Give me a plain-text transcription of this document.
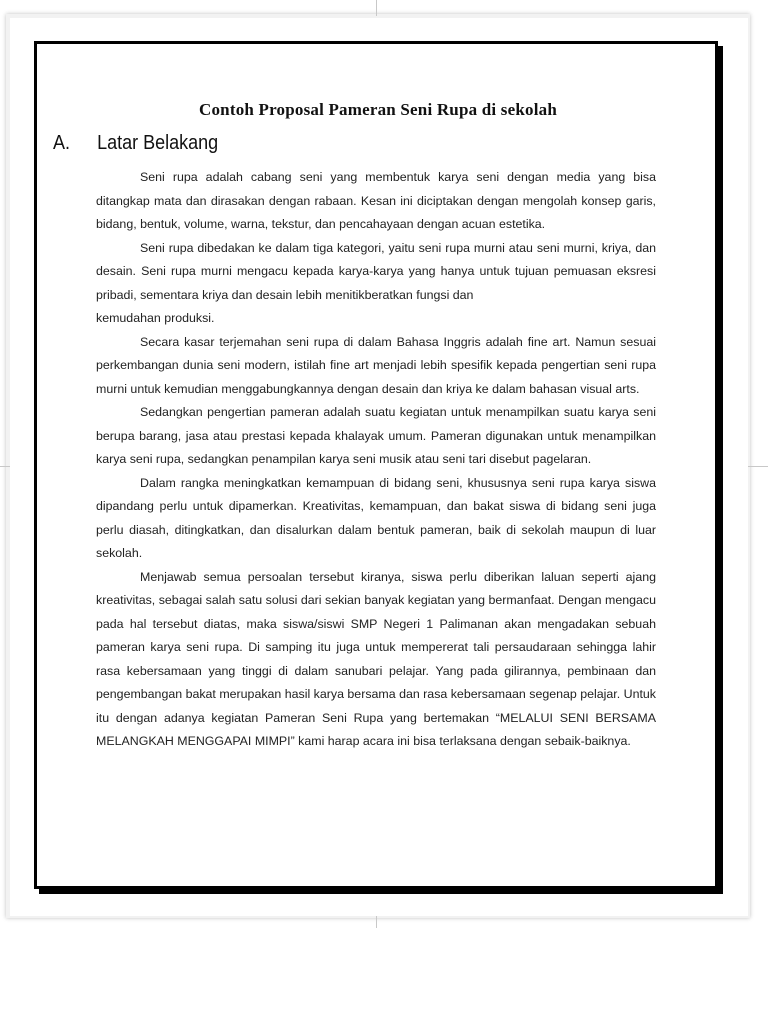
Contoh Proposal Pameran Seni Rupa di sekolah
A. Latar Belakang

Seni rupa adalah cabang seni yang membentuk karya seni dengan media yang bisa ditangkap mata dan dirasakan dengan rabaan. Kesan ini diciptakan dengan mengolah konsep garis, bidang, bentuk, volume, warna, tekstur, dan pencahayaan dengan acuan estetika.

Seni rupa dibedakan ke dalam tiga kategori, yaitu seni rupa murni atau seni murni, kriya, dan desain. Seni rupa murni mengacu kepada karya-karya yang hanya untuk tujuan pemuasan eksresi pribadi, sementara kriya dan desain lebih menitikberatkan fungsi dan

kemudahan produksi.

Secara kasar terjemahan seni rupa di dalam Bahasa Inggris adalah fine art. Namun sesuai perkembangan dunia seni modern, istilah fine art menjadi lebih spesifik kepada pengertian seni rupa murni untuk kemudian menggabungkannya dengan desain dan kriya ke dalam bahasan visual arts.

Sedangkan pengertian pameran adalah suatu kegiatan untuk menampilkan suatu karya seni berupa barang, jasa atau prestasi kepada khalayak umum. Pameran digunakan untuk menampilkan karya seni rupa, sedangkan penampilan karya seni musik atau seni tari disebut pagelaran.

Dalam rangka meningkatkan kemampuan di bidang seni, khususnya seni rupa karya siswa dipandang perlu untuk dipamerkan. Kreativitas, kemampuan, dan bakat siswa di bidang seni juga perlu diasah, ditingkatkan, dan disalurkan dalam bentuk pameran, baik di sekolah maupun di luar sekolah.

Menjawab semua persoalan tersebut kiranya, siswa perlu diberikan laluan seperti ajang kreativitas, sebagai salah satu solusi dari sekian banyak kegiatan yang bermanfaat. Dengan mengacu pada hal tersebut diatas, maka siswa/siswi SMP Negeri 1 Palimanan akan mengadakan sebuah pameran karya seni rupa. Di samping itu juga untuk mempererat tali persaudaraan sehingga lahir rasa kebersamaan yang tinggi di dalam sanubari pelajar. Yang pada gilirannya, pembinaan dan pengembangan bakat merupakan hasil karya bersama dan rasa kebersamaan segenap pelajar. Untuk itu dengan adanya kegiatan Pameran Seni Rupa yang bertemakan “MELALUI SENI BERSAMA MELANGKAH MENGGAPAI MIMPI” kami harap acara ini bisa terlaksana dengan sebaik-baiknya.
